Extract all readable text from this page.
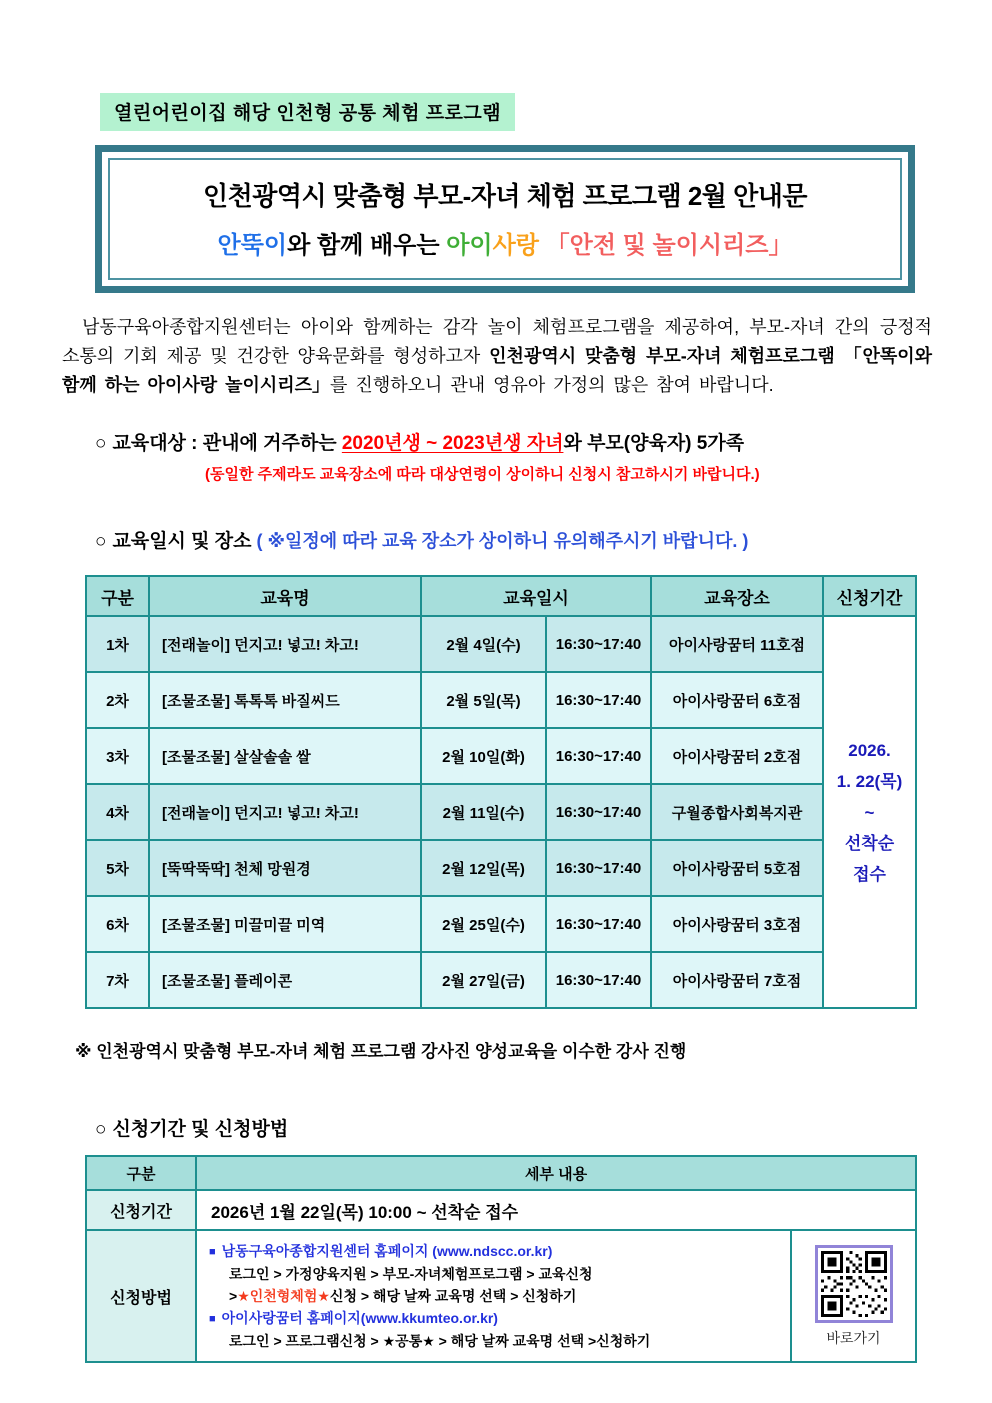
열린어린이집 해당 인천형 공통 체험 프로그램
인천광역시 맞춤형 부모-자녀 체험 프로그램 2월 안내문
안뚝이와 함께 배우는 아이사랑 「안전 및 놀이시리즈」
남동구육아종합지원센터는 아이와 함께하는 감각 놀이 체험프로그램을 제공하여, 부모-자녀 간의 긍정적 소통의 기회 제공 및 건강한 양육문화를 형성하고자 인천광역시 맞춤형 부모-자녀 체험프로그램 「안똑이와 함께 하는 아이사랑 놀이시리즈」를 진행하오니 관내 영유아 가정의 많은 참여 바랍니다.
○ 교육대상 : 관내에 거주하는 2020년생 ~ 2023년생 자녀와 부모(양육자) 5가족
(동일한 주제라도 교육장소에 따라 대상연령이 상이하니 신청시 참고하시기 바랍니다.)
○ 교육일시 및 장소 ( ※일정에 따라 교육 장소가 상이하니 유의해주시기 바랍니다. )
구분	교육명	교육일시		교육장소	신청기간
1차	[전래놀이] 던지고! 넣고! 차고!	2월 4일(수)	16:30~17:40	아이사랑꿈터 11호점	2026.
1. 22(목)
~
선착순
접수

2차	[조물조물] 톡톡톡 바질씨드	2월 5일(목)	16:30~17:40	아이사랑꿈터 6호점	
3차	[조물조물] 살살솔솔 쌀	2월 10일(화)	16:30~17:40	아이사랑꿈터 2호점	
4차	[전래놀이] 던지고! 넣고! 차고!	2월 11일(수)	16:30~17:40	구월종합사회복지관	
5차	[뚝딱뚝딱] 천체 망원경	2월 12일(목)	16:30~17:40	아이사랑꿈터 5호점	
6차	[조물조물] 미끌미끌 미역	2월 25일(수)	16:30~17:40	아이사랑꿈터 3호점	
7차	[조물조물] 플레이콘	2월 27일(금)	16:30~17:40	아이사랑꿈터 7호점	
※ 인천광역시 맞춤형 부모-자녀 체험 프로그램 강사진 양성교육을 이수한 강사 진행
○ 신청기간 및 신청방법
구분	세부 내용	
신청기간	2026년 1월 22일(목) 10:00 ~ 선착순 접수	
신청방법	■ 남동구육아종합지원센터 홈페이지 (www.ndscc.or.kr)
로그인 > 가정양육지원 > 부모-자녀체험프로그램 > 교육신청
>★인천형체험★신청 > 해당 날짜 교육명 선택 > 신청하기
■ 아이사랑꿈터 홈페이지(www.kkumteo.or.kr)
로그인 > 프로그램신청 > ★공통★ > 해당 날짜 교육명 선택 >신청하기	바로가기
